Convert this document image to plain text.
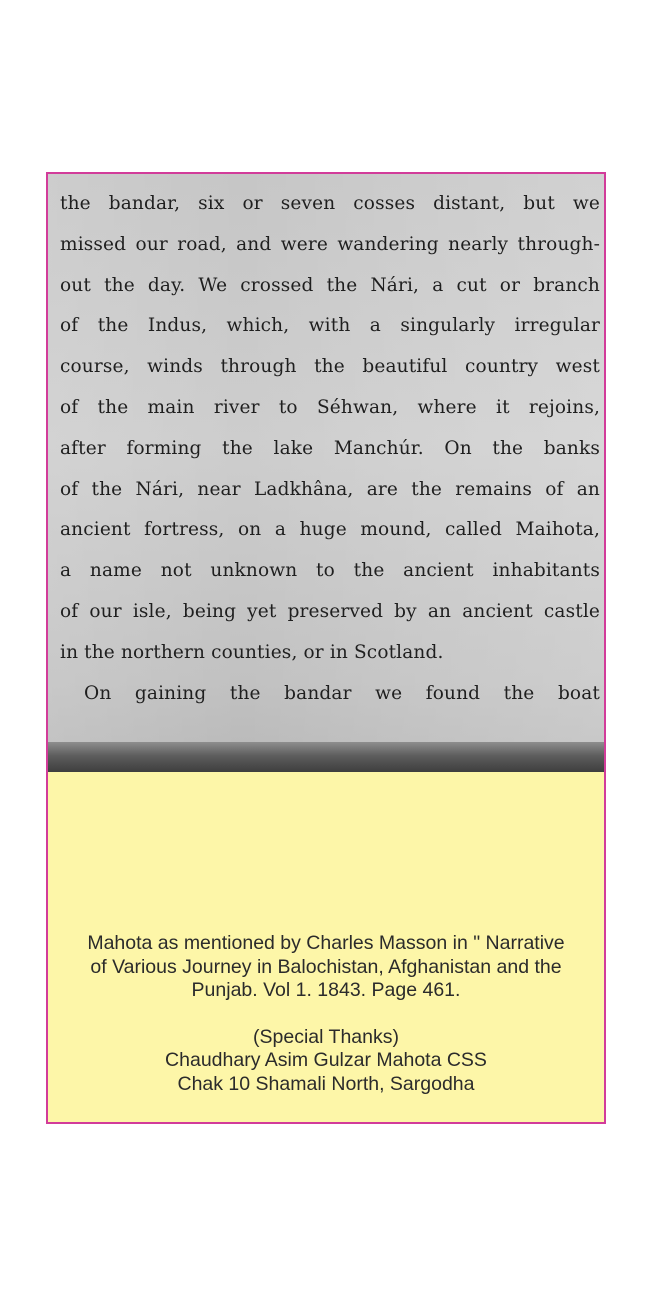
the bandar, six or seven cosses distant, but we
missed our road, and were wandering nearly through-
out the day. We crossed the Nári, a cut or branch
of the Indus, which, with a singularly irregular
course, winds through the beautiful country west
of the main river to Séhwan, where it rejoins,
after forming the lake Manchúr. On the banks
of the Nári, near Ladkhâna, are the remains of an
ancient fortress, on a huge mound, called Maihota,
a name not unknown to the ancient inhabitants
of our isle, being yet preserved by an ancient castle
in the northern counties, or in Scotland.
On gaining the bandar we found the boat

Mahota as mentioned by Charles Masson in " Narrative

of Various Journey in Balochistan, Afghanistan and the

Punjab. Vol 1. 1843. Page 461.

(Special Thanks)

Chaudhary Asim Gulzar Mahota CSS

Chak 10 Shamali North, Sargodha
